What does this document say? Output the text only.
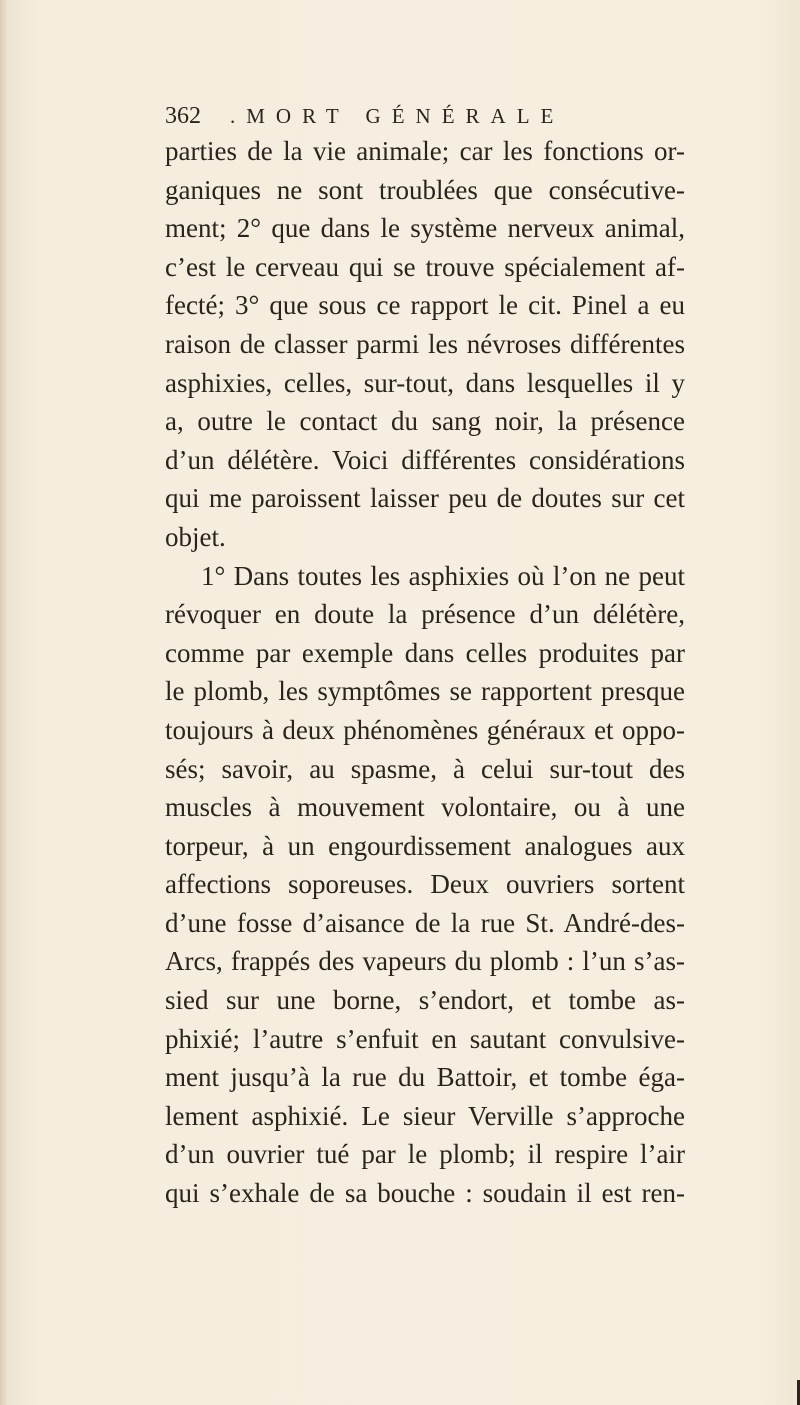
362 .MORT GÉNÉRALE
parties de la vie animale; car les fonctions or-
ganiques ne sont troublées que consécutive-
ment; 2° que dans le système nerveux animal,
c’est le cerveau qui se trouve spécialement af-
fecté; 3° que sous ce rapport le cit. Pinel a eu
raison de classer parmi les névroses différentes
asphixies, celles, sur-tout, dans lesquelles il y
a, outre le contact du sang noir, la présence
d’un délétère. Voici différentes considérations
qui me paroissent laisser peu de doutes sur cet
objet.
1° Dans toutes les asphixies où l’on ne peut
révoquer en doute la présence d’un délétère,
comme par exemple dans celles produites par
le plomb, les symptômes se rapportent presque
toujours à deux phénomènes généraux et oppo-
sés; savoir, au spasme, à celui sur-tout des
muscles à mouvement volontaire, ou à une
torpeur, à un engourdissement analogues aux
affections soporeuses. Deux ouvriers sortent
d’une fosse d’aisance de la rue St. André-des-
Arcs, frappés des vapeurs du plomb : l’un s’as-
sied sur une borne, s’endort, et tombe as-
phixié; l’autre s’enfuit en sautant convulsive-
ment jusqu’à la rue du Battoir, et tombe éga-
lement asphixié. Le sieur Verville s’approche
d’un ouvrier tué par le plomb; il respire l’air
qui s’exhale de sa bouche : soudain il est ren-
